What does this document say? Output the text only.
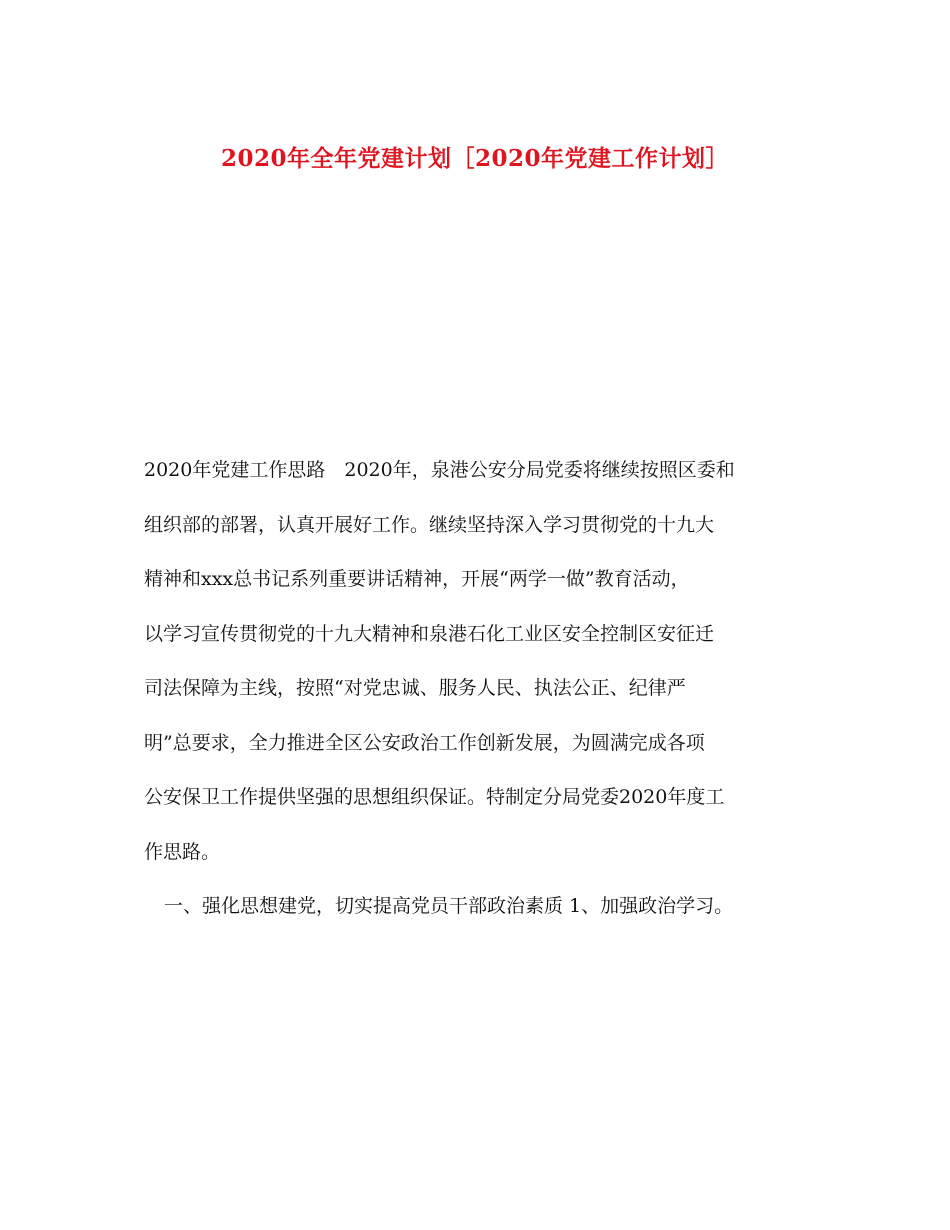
2020年全年党建计划［2020年党建工作计划］
2020年党建工作思路　2020年，泉港公安分局党委将继续按照区委和
组织部的部署，认真开展好工作。继续坚持深入学习贯彻党的十九大
精神和xxx总书记系列重要讲话精神，开展“两学一做”教育活动，
以学习宣传贯彻党的十九大精神和泉港石化工业区安全控制区安征迁
司法保障为主线，按照“对党忠诚、服务人民、执法公正、纪律严
明”总要求，全力推进全区公安政治工作创新发展，为圆满完成各项
公安保卫工作提供坚强的思想组织保证。特制定分局党委2020年度工
作思路。
一、强化思想建党，切实提高党员干部政治素质 1、加强政治学习。
